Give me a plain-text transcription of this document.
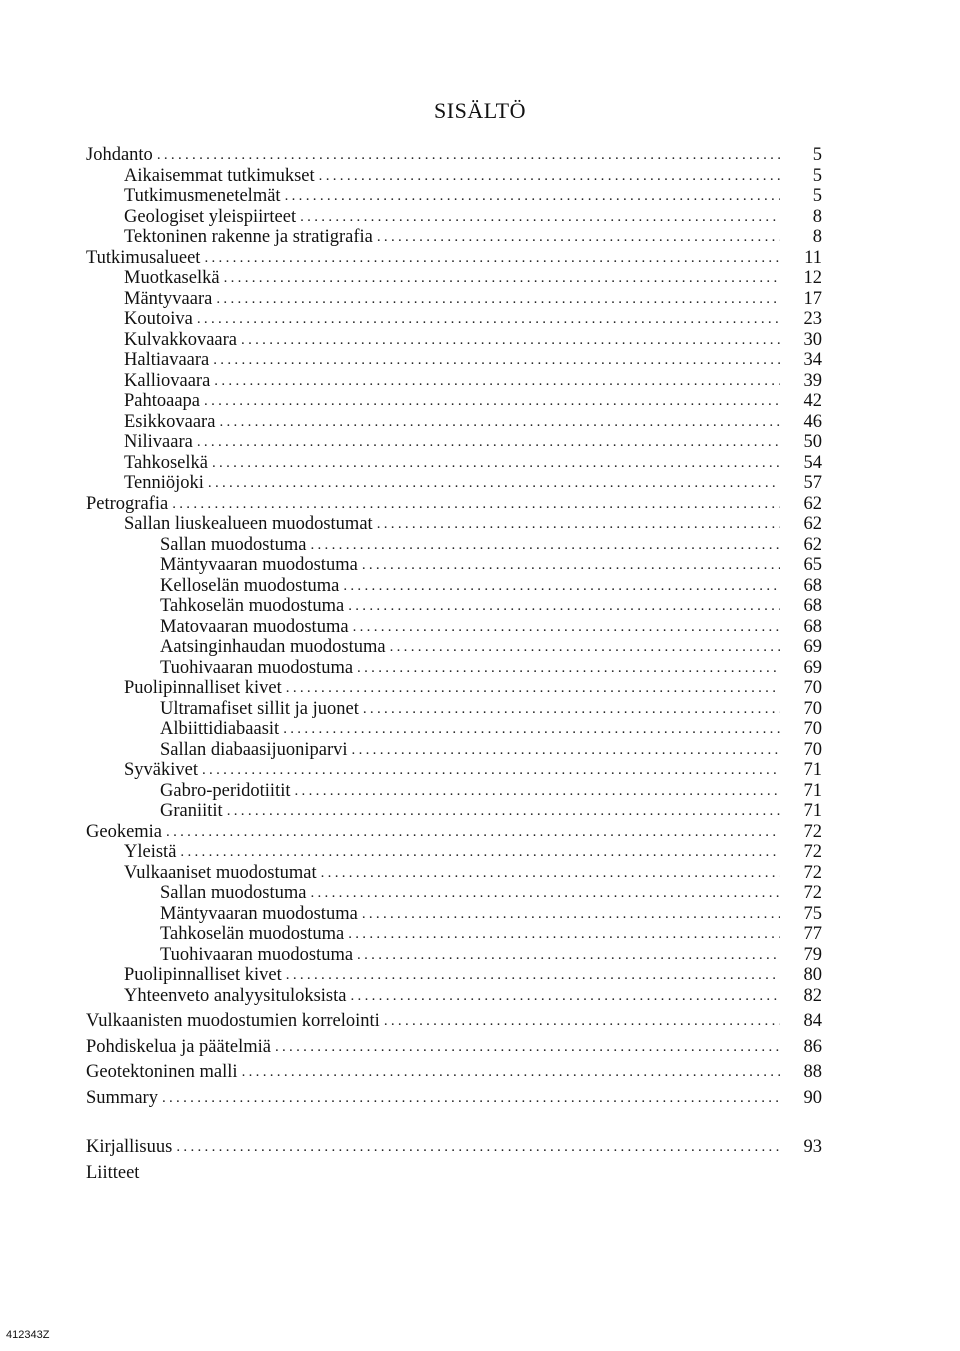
SISÄLTÖ
Johdanto .....	5
Aikaisemmat tutkimukset .....	5
Tutkimusmenetelmät .....	5
Geologiset yleispiirteet .....	8
Tektoninen rakenne ja stratigrafia .....	8
Tutkimusalueet .....	11
Muotkaselkä .....	12
Mäntyvaara .....	17
Koutoiva .....	23
Kulvakkovaara .....	30
Haltiavaara .....	34
Kalliovaara .....	39
Pahtoaapa .....	42
Esikkovaara .....	46
Nilivaara .....	50
Tahkoselkä .....	54
Tenniöjoki .....	57
Petrografia .....	62
Sallan liuskealueen muodostumat .....	62
Sallan muodostuma .....	62
Mäntyvaaran muodostuma .....	65
Kelloselän muodostuma .....	68
Tahkoselän muodostuma .....	68
Matovaaran muodostuma .....	68
Aatsinginhaudan muodostuma .....	69
Tuohivaaran muodostuma .....	69
Puolipinnalliset kivet .....	70
Ultramafiset sillit ja juonet .....	70
Albiittidiabaasit .....	70
Sallan diabaasijuoniparvi .....	70
Syväkivet .....	71
Gabro-peridotiitit .....	71
Graniitit .....	71
Geokemia .....	72
Yleistä .....	72
Vulkaaniset muodostumat .....	72
Sallan muodostuma .....	72
Mäntyvaaran muodostuma .....	75
Tahkoselän muodostuma .....	77
Tuohivaaran muodostuma .....	79
Puolipinnalliset kivet .....	80
Yhteenveto analyysituloksista .....	82
Vulkaanisten muodostumien korrelointi .....	84
Pohdiskelua ja päätelmiä .....	86
Geotektoninen malli .....	88
Summary .....	90
Kirjallisuus .....	93
Liitteet
412343Z
